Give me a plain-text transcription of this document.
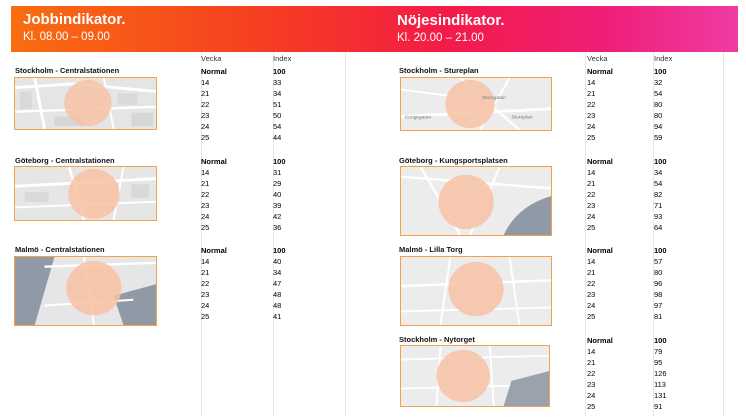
Jobbindikator.
Kl. 08.00 – 09.00
Nöjesindikator.
Kl. 20.00 – 21.00
Vecka	Index	Vecka	Index
Stockholm - Centralstationen	Normal	100
14	33
21	34
22	51
23	50
24	54
25	44
Göteborg - Centralstationen	Normal	100
14	31
21	29
22	40
23	39
24	42
25	36
Malmö - Centralstationen	Normal	100
14	40
21	34
22	47
23	48
24	48
25	41
Stockholm - Stureplan
Kungsgatan
Sturegatan
Stureplan
Normal	100
14	32
21	54
22	80
23	80
24	94
25	59
Göteborg - Kungsportsplatsen	Normal	100
14	34
21	54
22	82
23	71
24	93
25	64
Malmö - Lilla Torg	Normal	100
14	57
21	80
22	96
23	98
24	97
25	81
Stockholm - Nytorget	Normal	100
14	79
21	95
22	126
23	113
24	131
25	91
